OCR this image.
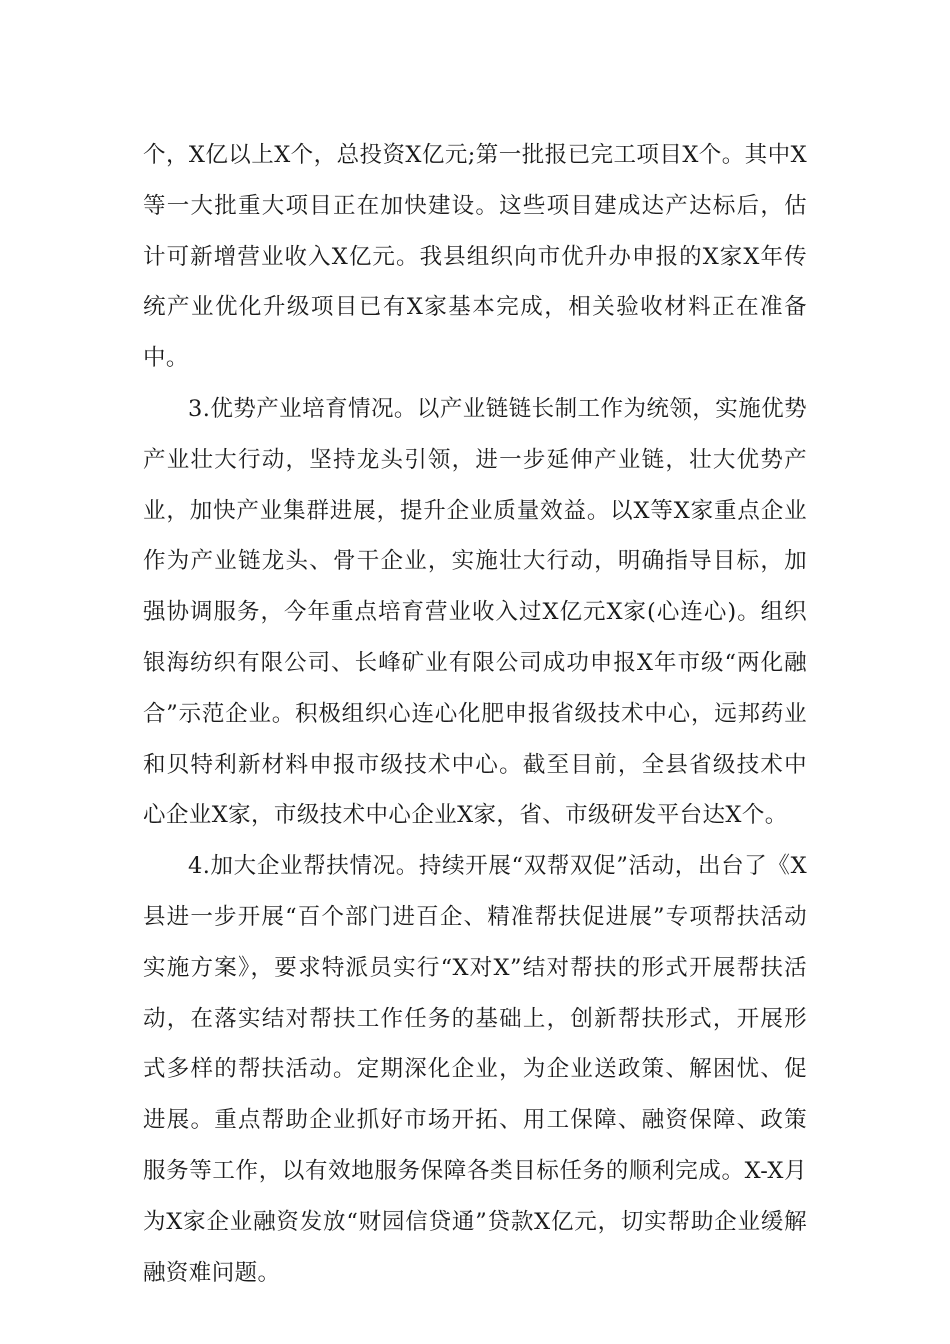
个，X亿以上X个，总投资X亿元;第一批报已完工项目X个。其中X等一大批重大项目正在加快建设。这些项目建成达产达标后，估计可新增营业收入X亿元。我县组织向市优升办申报的X家X年传统产业优化升级项目已有X家基本完成，相关验收材料正在准备中。

3.优势产业培育情况。以产业链链长制工作为统领，实施优势产业壮大行动，坚持龙头引领，进一步延伸产业链，壮大优势产业，加快产业集群进展，提升企业质量效益。以X等X家重点企业作为产业链龙头、骨干企业，实施壮大行动，明确指导目标，加强协调服务，今年重点培育营业收入过X亿元X家(心连心)。组织银海纺织有限公司、长峰矿业有限公司成功申报X年市级“两化融合”示范企业。积极组织心连心化肥申报省级技术中心，远邦药业和贝特利新材料申报市级技术中心。截至目前，全县省级技术中心企业X家，市级技术中心企业X家，省、市级研发平台达X个。

4.加大企业帮扶情况。持续开展“双帮双促”活动，出台了《X县进一步开展“百个部门进百企、精准帮扶促进展”专项帮扶活动实施方案》，要求特派员实行“X对X”结对帮扶的形式开展帮扶活动，在落实结对帮扶工作任务的基础上，创新帮扶形式，开展形式多样的帮扶活动。定期深化企业，为企业送政策、解困忧、促进展。重点帮助企业抓好市场开拓、用工保障、融资保障、政策服务等工作，以有效地服务保障各类目标任务的顺利完成。X-X月为X家企业融资发放“财园信贷通”贷款X亿元，切实帮助企业缓解融资难问题。
